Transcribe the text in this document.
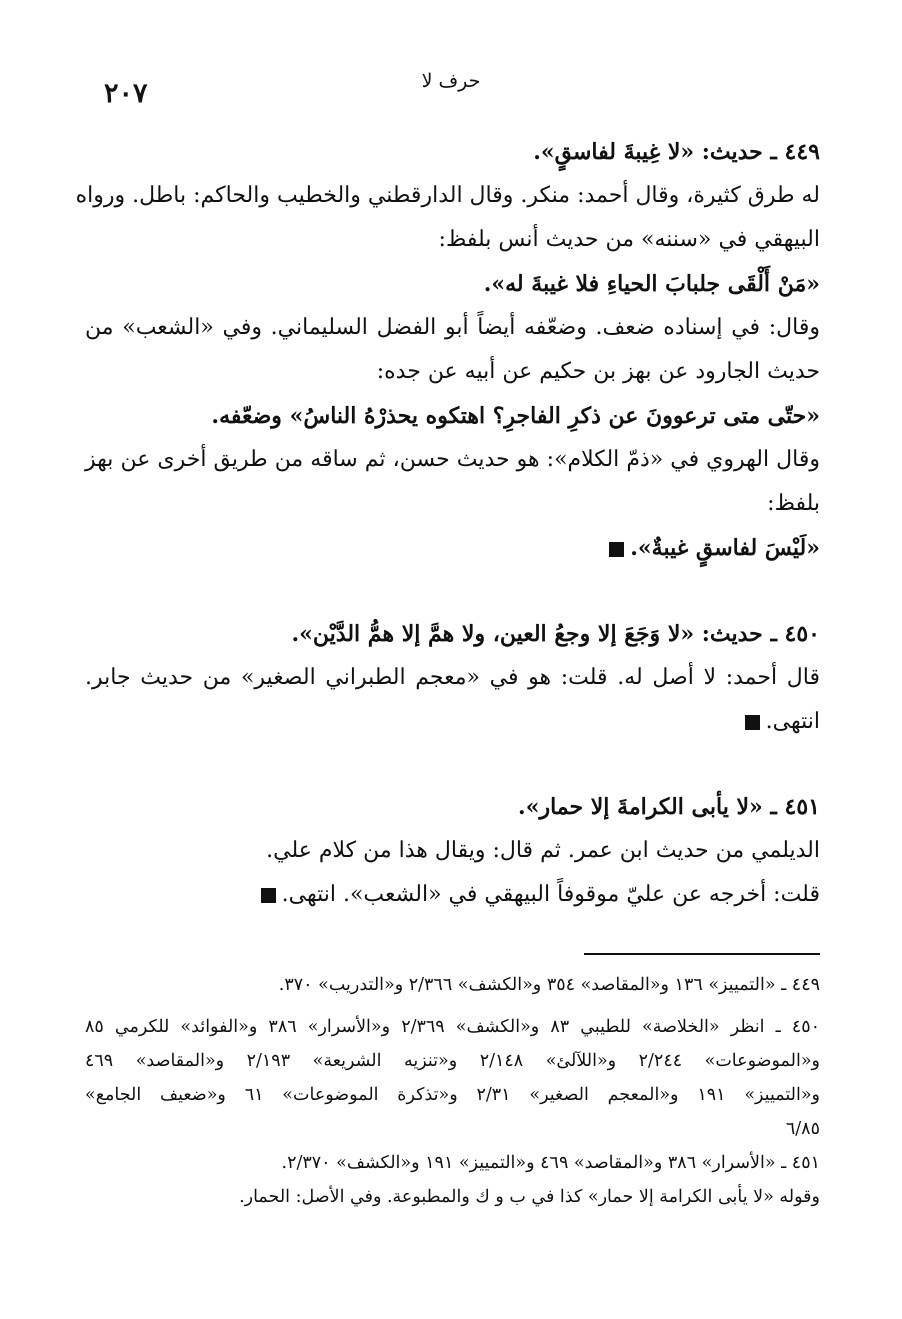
٢٠٧	حرف لا
٤٤٩ ـ حديث: «لا غِيبةَ لفاسقٍ».
له طرق كثيرة، وقال أحمد: منكر. وقال الدارقطني والخطيب والحاكم: باطل. ورواه
البيهقي في «سننه» من حديث أنس بلفظ:
«مَنْ أَلْقَى جلبابَ الحياءِ فلا غيبةَ له».
وقال: في إسناده ضعف. وضعّفه أيضاً أبو الفضل السليماني. وفي «الشعب» من
حديث الجارود عن بهز بن حكيم عن أبيه عن جده:
«حتّى متى ترعوونَ عن ذكرِ الفاجرِ؟ اهتكوه يحذرْهُ الناسُ» وضعّفه.
وقال الهروي في «ذمّ الكلام»: هو حديث حسن، ثم ساقه من طريق أخرى عن بهز
بلفظ:
«لَيْسَ لفاسقٍ غيبةٌ».
٤٥٠ ـ حديث: «لا وَجَعَ إلا وجعُ العين، ولا همَّ إلا همُّ الدَّيْن».
قال أحمد: لا أصل له. قلت: هو في «معجم الطبراني الصغير» من حديث جابر.
انتهى.
٤٥١ ـ «لا يأبى الكرامةَ إلا حمار».
الديلمي من حديث ابن عمر. ثم قال: ويقال هذا من كلام علي.
قلت: أخرجه عن عليّ موقوفاً البيهقي في «الشعب». انتهى.
٤٤٩ ـ «التمييز» ١٣٦ و«المقاصد» ٣٥٤ و«الكشف» ٢/٣٦٦ و«التدريب» ٣٧٠.
٤٥٠ ـ انظر «الخلاصة» للطيبي ٨٣ و«الكشف» ٢/٣٦٩ و«الأسرار» ٣٨٦ و«الفوائد» للكرمي ٨٥
و«الموضوعات» ٢/٢٤٤ و«اللآلئ» ٢/١٤٨ و«تنزيه الشريعة» ٢/١٩٣ و«المقاصد» ٤٦٩
و«التمييز» ١٩١ و«المعجم الصغير» ٢/٣١ و«تذكرة الموضوعات» ٦١ و«ضعيف الجامع»
٦/٨٥
٤٥١ ـ «الأسرار» ٣٨٦ و«المقاصد» ٤٦٩ و«التمييز» ١٩١ و«الكشف» ٢/٣٧٠.
وقوله «لا يأبى الكرامة إلا حمار» كذا في ب و ك والمطبوعة. وفي الأصل: الحمار.
